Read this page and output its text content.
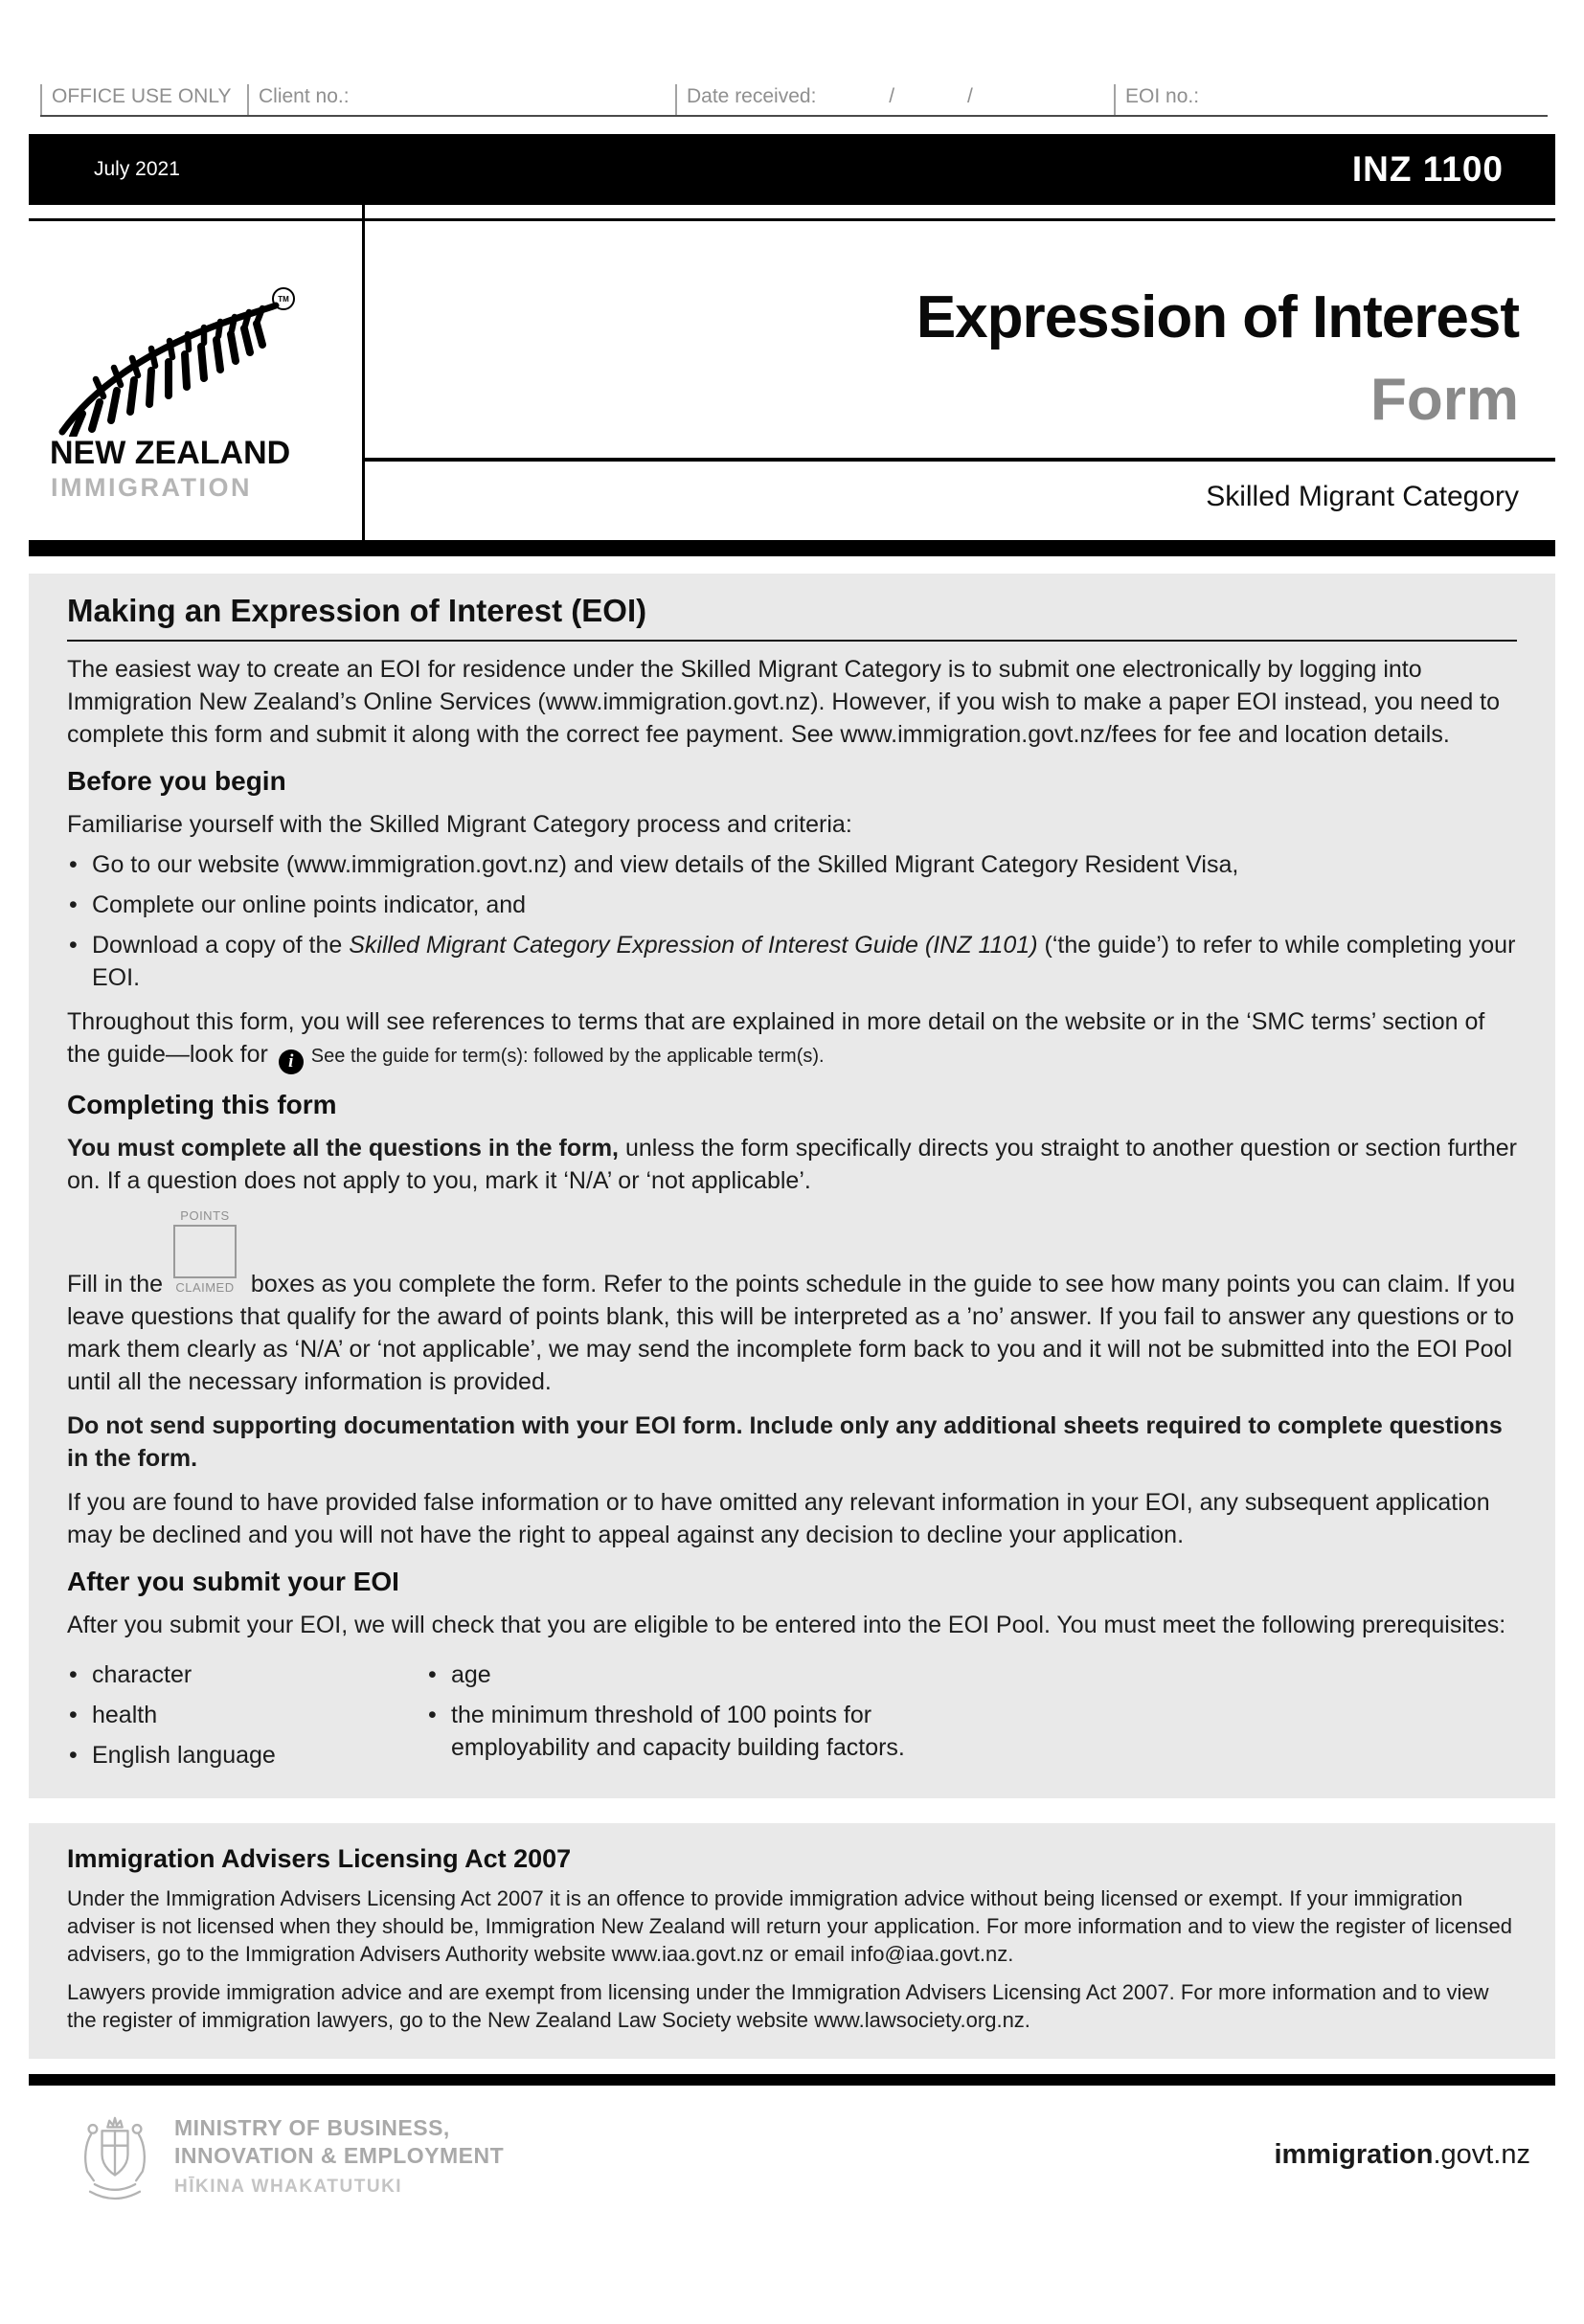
OFFICE USE ONLY	Client no.:	Date received:	/	/	EOI no.:
July 2021	INZ 1100
TM
NEW ZEALAND
IMMIGRATION
Expression of Interest
Form
Skilled Migrant Category
Making an Expression of Interest (EOI)

The easiest way to create an EOI for residence under the Skilled Migrant Category is to submit one electronically by logging into Immigration New Zealand’s Online Services (www.immigration.govt.nz). However, if you wish to make a paper EOI instead, you need to complete this form and submit it along with the correct fee payment. See www.immigration.govt.nz/fees for fee and location details.

Before you begin

Familiarise yourself with the Skilled Migrant Category process and criteria:

•
Go to our website (www.immigration.govt.nz) and view details of the Skilled Migrant Category Resident Visa,
•
Complete our online points indicator, and
•
Download a copy of the Skilled Migrant Category Expression of Interest Guide (INZ 1101) (‘the guide’) to refer to while completing your EOI.

Throughout this form, you will see references to terms that are explained in more detail on the website or in the ‘SMC terms’ section of the guide—look for iSee the guide for term(s): followed by the applicable term(s).

Completing this form

You must complete all the questions in the form, unless the form specifically directs you straight to another question or section further on. If a question does not apply to you, mark it ‘N/A’ or ‘not applicable’.

Fill in the
POINTS
CLAIMED boxes as you complete the form. Refer to the points schedule in the guide to see how many points you can claim. If you leave questions that qualify for the award of points blank, this will be interpreted as a ’no’ answer. If you fail to answer any questions or to mark them clearly as ‘N/A’ or ‘not applicable’, we may send the incomplete form back to you and it will not be submitted into the EOI Pool until all the necessary information is provided.

Do not send supporting documentation with your EOI form. Include only any additional sheets required to complete questions in the form.

If you are found to have provided false information or to have omitted any relevant information in your EOI, any subsequent application may be declined and you will not have the right to appeal against any decision to decline your application.

After you submit your EOI

After you submit your EOI, we will check that you are eligible to be entered into the EOI Pool. You must meet the following prerequisites:

•
character
•
health
•
English language
•
age
•
the minimum threshold of 100 points for employability and capacity building factors.
Immigration Advisers Licensing Act 2007

Under the Immigration Advisers Licensing Act 2007 it is an offence to provide immigration advice without being licensed or exempt. If your immigration adviser is not licensed when they should be, Immigration New Zealand will return your application. For more information and to view the register of licensed advisers, go to the Immigration Advisers Authority website www.iaa.govt.nz or email info@iaa.govt.nz.

Lawyers provide immigration advice and are exempt from licensing under the Immigration Advisers Licensing Act 2007. For more information and to view the register of immigration lawyers, go to the New Zealand Law Society website www.lawsociety.org.nz.

MINISTRY OF BUSINESS,
INNOVATION & EMPLOYMENT
HĪKINA WHAKATUTUKI
immigration.govt.nz
